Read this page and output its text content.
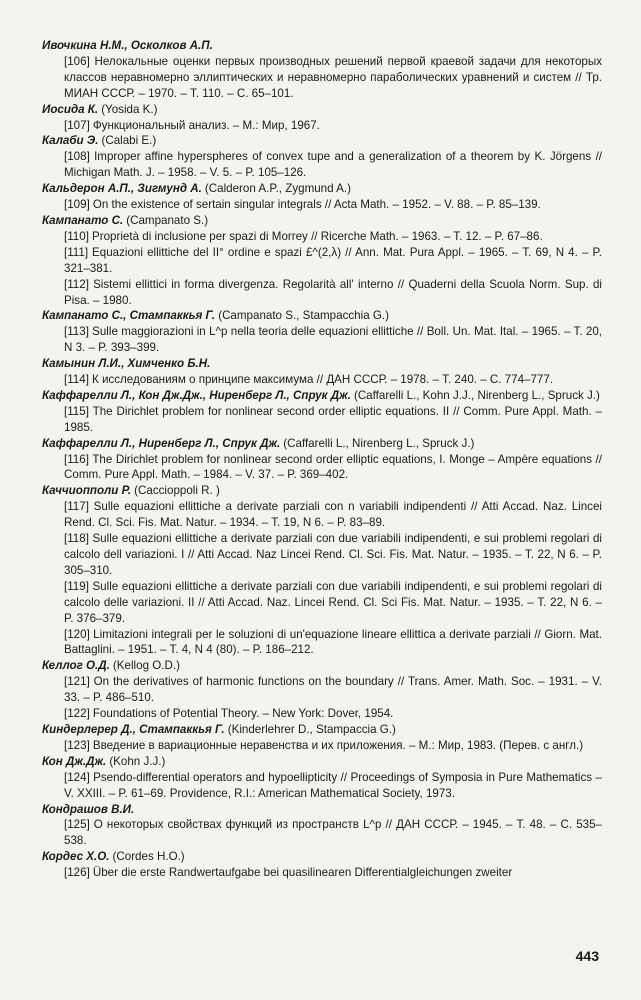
Ивочкина Н.М., Осколков А.П.
[106] Нелокальные оценки первых производных решений первой краевой задачи для некоторых классов неравномерно эллиптических и неравномерно параболических уравнений и систем // Тр. МИАН СССР. – 1970. – Т. 110. – С. 65–101.
Иосида К. (Yosida K.)
[107] Функциональный анализ. – М.: Мир, 1967.
Калаби Э. (Calabi E.)
[108] Improper affine hyperspheres of convex tupe and a generalization of a theorem by K. Jörgens // Michigan Math. J. – 1958. – V. 5. – P. 105–126.
Кальдерон А.П., Зигмунд А. (Calderon A.P., Zygmund A.)
[109] On the existence of sertain singular integrals // Acta Math. – 1952. – V. 88. – P. 85–139.
Кампанато С. (Campanato S.)
[110] Proprietà di inclusione per spazi di Morrey // Ricerche Math. – 1963. – T. 12. – P. 67–86.
[111] Equazioni ellittiche del II° ordine e spazi £^(2,λ) // Ann. Mat. Pura Appl. – 1965. – T. 69, N 4. – P. 321–381.
[112] Sistemi ellittici in forma divergenza. Regolarità all' interno // Quaderni della Scuola Norm. Sup. di Pisa. – 1980.
Кампанато С., Стампаккья Г. (Campanato S., Stampacchia G.)
[113] Sulle maggiorazioni in L^p nella teoria delle equazioni ellittiche // Boll. Un. Mat. Ital. – 1965. – T. 20, N 3. – P. 393–399.
Камынин Л.И., Химченко Б.Н.
[114] К исследованиям о принципе максимума // ДАН СССР. – 1978. – Т. 240. – С. 774–777.
Каффарелли Л., Кон Дж.Дж., Ниренберг Л., Спрук Дж. (Caffarelli L., Kohn J.J., Nirenberg L., Spruck J.)
[115] The Dirichlet problem for nonlinear second order elliptic equations. II // Comm. Pure Appl. Math. – 1985.
Каффарелли Л., Ниренберг Л., Спрук Дж. (Caffarelli L., Nirenberg L., Spruck J.)
[116] The Dirichlet problem for nonlinear second order elliptic equations, I. Monge – Ampère equations // Comm. Pure Appl. Math. – 1984. – V. 37. – P. 369–402.
Каччиопполи Р. (Caccioppoli R. )
[117] Sulle equazioni ellittiche a derivate parziali con n variabili indipendenti // Atti Accad. Naz. Lincei Rend. Cl. Sci. Fis. Mat. Natur. – 1934. – T. 19, N 6. – P. 83–89.
[118] Sulle equazioni ellittiche a derivate parziali con due variabili indipendenti, e sui problemi regolari di calcolo dell variazioni. I // Atti Accad. Naz Lincei Rend. Cl. Sci. Fis. Mat. Natur. – 1935. – T. 22, N 6. – P. 305–310.
[119] Sulle equazioni ellittiche a derivate parziali con due variabili indipendenti, e sui problemi regolari di calcolo delle variazioni. II // Atti Accad. Naz. Lincei Rend. Cl. Sci Fis. Mat. Natur. – 1935. – T. 22, N 6. – P. 376–379.
[120] Limitazioni integrali per le soluzioni di un'equazione lineare ellittica a derivate parziali // Giorn. Mat. Battaglini. – 1951. – T. 4, N 4 (80). – P. 186–212.
Келлог О.Д. (Kellog O.D.)
[121] On the derivatives of harmonic functions on the boundary // Trans. Amer. Math. Soc. – 1931. – V. 33. – P. 486–510.
[122] Foundations of Potential Theory. – New York: Dover, 1954.
Киндерлерер Д., Стампаккья Г. (Kinderlehrer D., Stampaccia G.)
[123] Введение в вариационные неравенства и их приложения. – М.: Мир, 1983. (Перев. с англ.)
Кон Дж.Дж. (Kohn J.J.)
[124] Psendo-differential operators and hypoellipticity // Proceedings of Symposia in Pure Mathematics – V. XXIII. – P. 61–69. Providence, R.I.: American Mathematical Society, 1973.
Кондрашов В.И.
[125] О некоторых свойствах функций из пространств L^p // ДАН СССР. – 1945. – Т. 48. – С. 535–538.
Кордес Х.О. (Cordes H.O.)
[126] Über die erste Randwertaufgabe bei quasilinearen Differentialgleichungen zweiter
443
